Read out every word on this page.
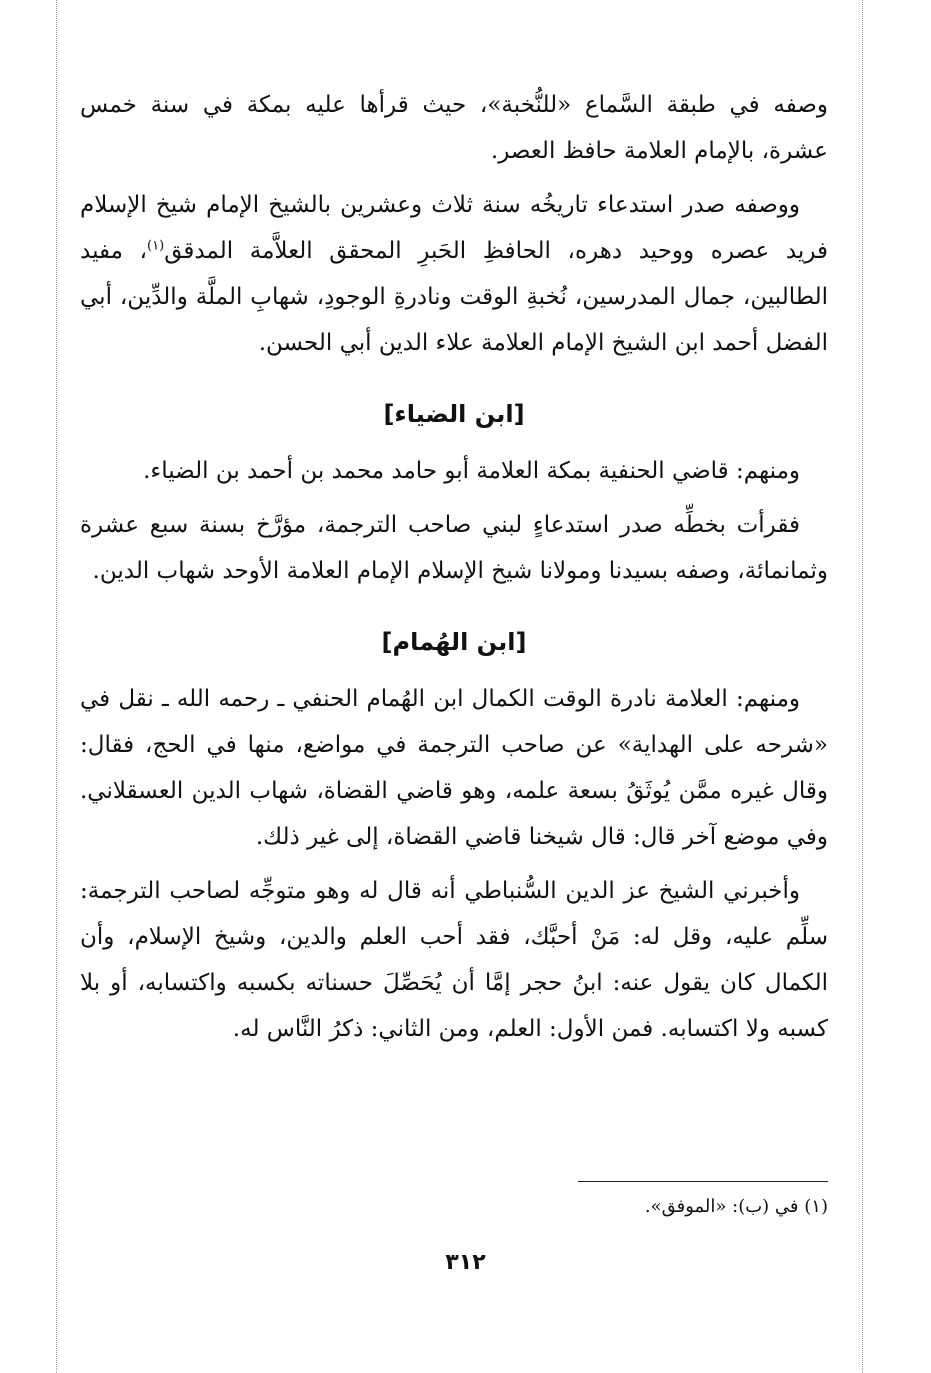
وصفه في طبقة السَّماع «للنُّخبة»، حيث قرأها عليه بمكة في سنة خمس عشرة، بالإمام العلامة حافظ العصر.

ووصفه صدر استدعاء تاريخُه سنة ثلاث وعشرين بالشيخ الإمام شيخ الإسلام فريد عصره ووحيد دهره، الحافظِ الحَبرِ المحقق العلاَّمة المدقق$^{(١)}$، مفيد الطالبين، جمال المدرسين، نُخبةِ الوقت ونادرةِ الوجودِ، شهابِ الملَّة والدِّين، أبي الفضل أحمد ابن الشيخ الإمام العلامة علاء الدين أبي الحسن.

[ابن الضياء]

ومنهم: قاضي الحنفية بمكة العلامة أبو حامد محمد بن أحمد بن الضياء.

فقرأت بخطِّه صدر استدعاءٍ لبني صاحب الترجمة، مؤرَّخ بسنة سبع عشرة وثمانمائة، وصفه بسيدنا ومولانا شيخ الإسلام الإمام العلامة الأوحد شهاب الدين.

[ابن الهُمام]

ومنهم: العلامة نادرة الوقت الكمال ابن الهُمام الحنفي ـ رحمه الله ـ نقل في «شرحه على الهداية» عن صاحب الترجمة في مواضع، منها في الحج، فقال: وقال غيره ممَّن يُوثَقُ بسعة علمه، وهو قاضي القضاة، شهاب الدين العسقلاني. وفي موضع آخر قال: قال شيخنا قاضي القضاة، إلى غير ذلك.

وأخبرني الشيخ عز الدين السُّنباطي أنه قال له وهو متوجِّه لصاحب الترجمة: سلِّم عليه، وقل له: مَنْ أحبَّك، فقد أحب العلم والدين، وشيخ الإسلام، وأن الكمال كان يقول عنه: ابنُ حجر إمَّا أن يُحَصِّلَ حسناته بكسبه واكتسابه، أو بلا كسبه ولا اكتسابه. فمن الأول: العلم، ومن الثاني: ذكرُ النَّاس له.

(١) في (ب): «الموفق».
٣١٢
